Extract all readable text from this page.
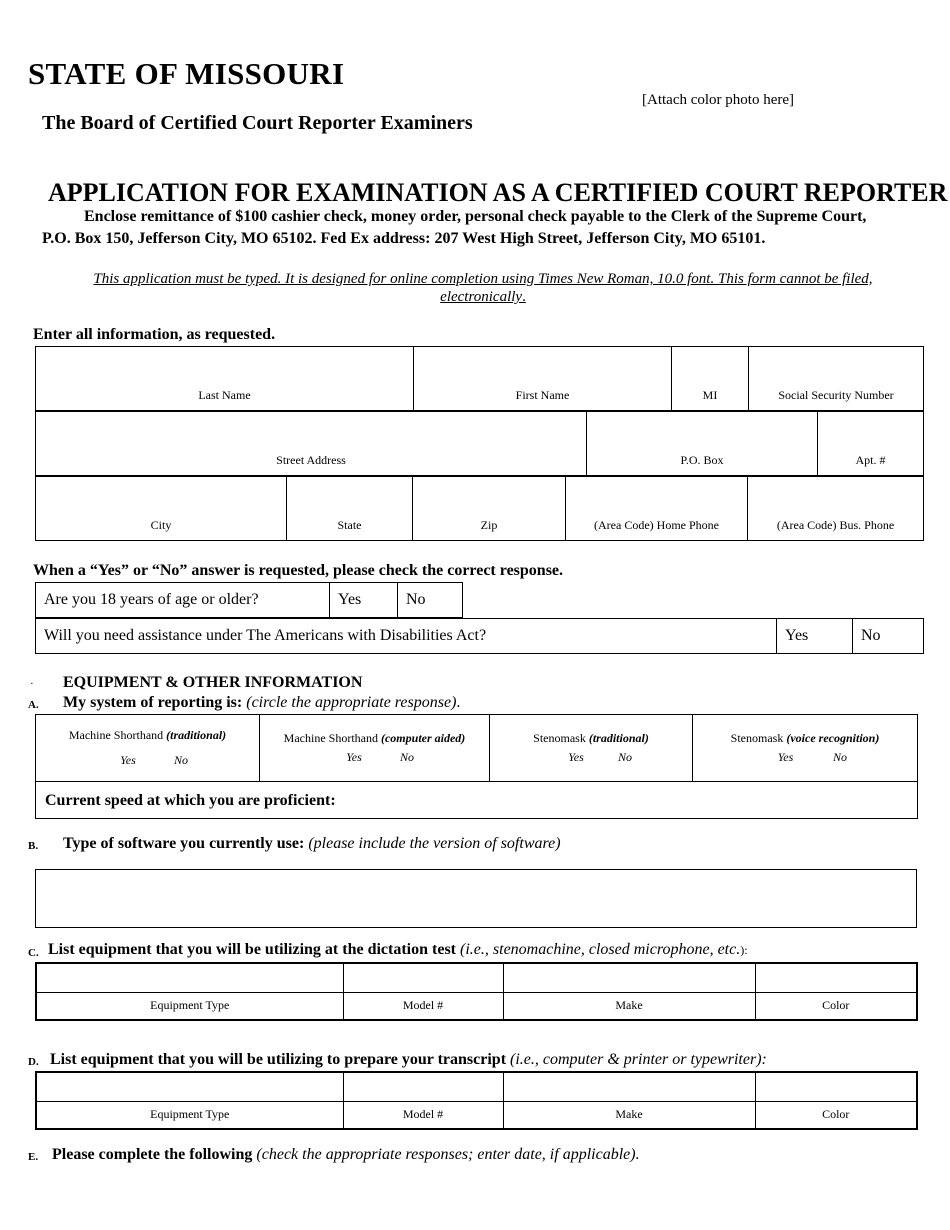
STATE OF MISSOURI
[Attach color photo here]
The Board of Certified Court Reporter Examiners
APPLICATION FOR EXAMINATION AS A CERTIFIED COURT REPORTER
Enclose remittance of $100 cashier check, money order, personal check payable to the Clerk of the Supreme Court,
P.O. Box 150, Jefferson City, MO 65102. Fed Ex address: 207 West High Street, Jefferson City, MO 65101.
This application must be typed. It is designed for online completion using Times New Roman, 10.0 font. This form cannot be filed,
electronically.
Enter all information, as requested.

Last Name	First Name	MI	Social Security Number

Street Address	P.O. Box	Apt. #

City	State	Zip	(Area Code) Home Phone	(Area Code) Bus. Phone
When a “Yes” or “No” answer is requested, please check the correct response.
Are you 18 years of age or older?	Yes	No
Will you need assistance under The Americans with Disabilities Act?	Yes	No
· EQUIPMENT & OTHER INFORMATION
A. My system of reporting is: (circle the appropriate response).
Machine Shorthand (traditional)
Yes	No
	Machine Shorthand (computer aided)
Yes	No
	Stenomask (traditional)
Yes	No
	Stenomask (voice recognition)
Yes	No

Current speed at which you are proficient:
B. Type of software you currently use: (please include the version of software)
C. List equipment that you will be utilizing at the dictation test (i.e., stenomachine, closed microphone, etc.):

Equipment Type	Model #	Make	Color
D. List equipment that you will be utilizing to prepare your transcript (i.e., computer & printer or typewriter):

Equipment Type	Model #	Make	Color
E. Please complete the following (check the appropriate responses; enter date, if applicable).
